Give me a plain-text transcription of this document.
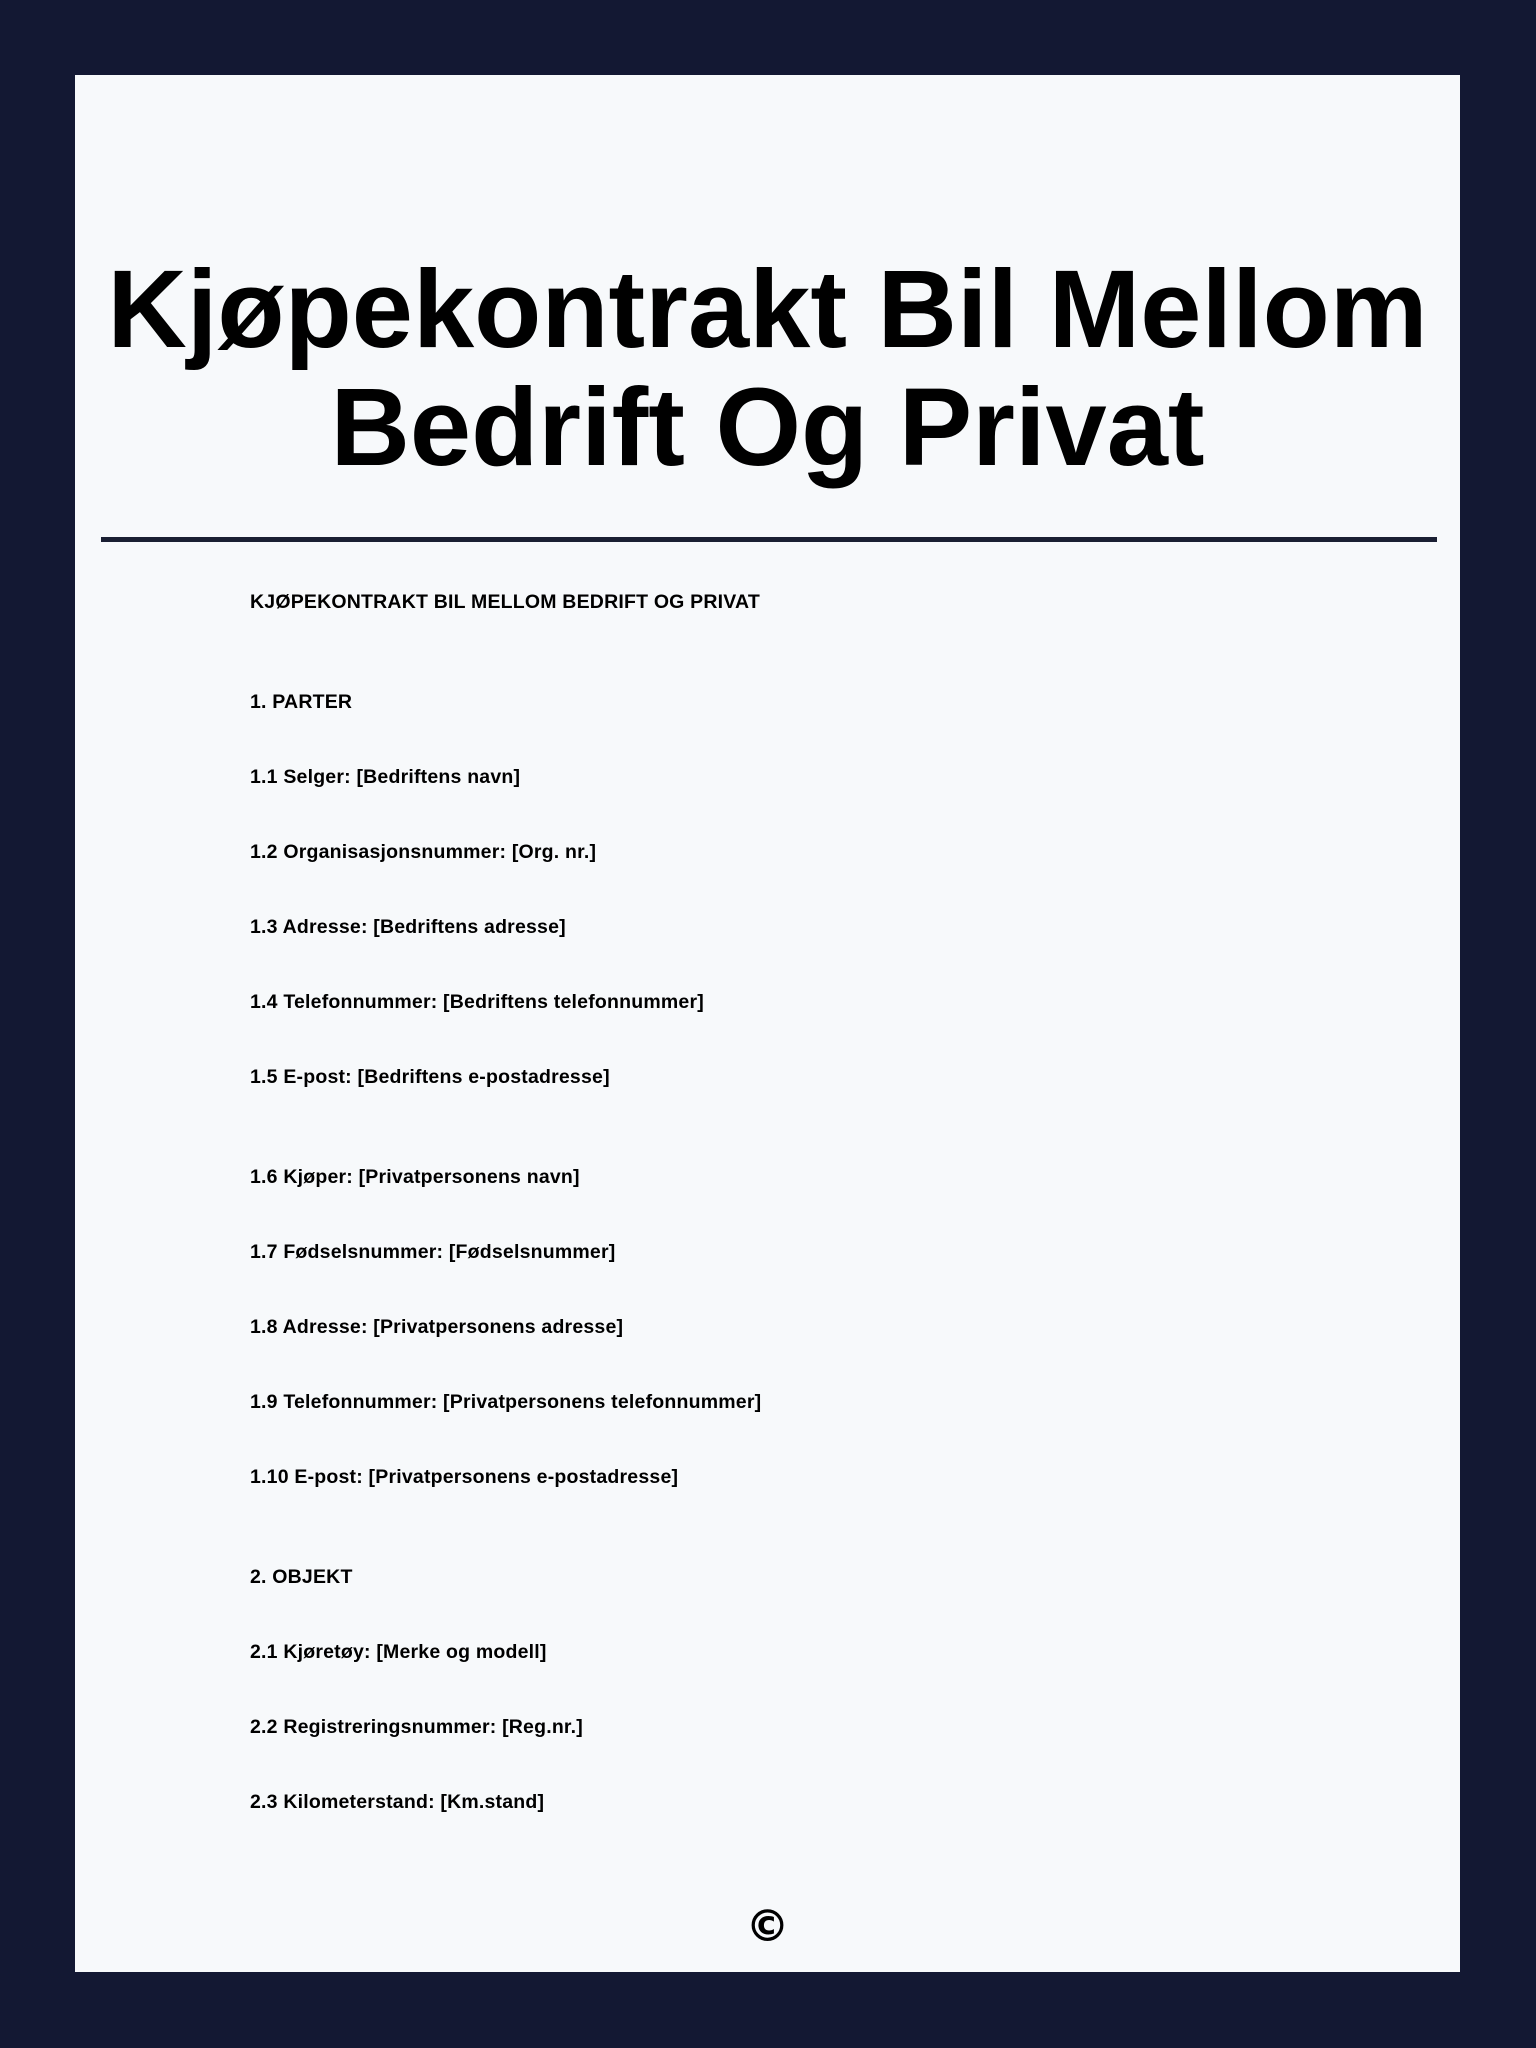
Kjøpekontrakt Bil Mellom Bedrift Og Privat

KJØPEKONTRAKT BIL MELLOM BEDRIFT OG PRIVAT

1. PARTER

1.1 Selger: [Bedriftens navn]

1.2 Organisasjonsnummer: [Org. nr.]

1.3 Adresse: [Bedriftens adresse]

1.4 Telefonnummer: [Bedriftens telefonnummer]

1.5 E-post: [Bedriftens e-postadresse]

1.6 Kjøper: [Privatpersonens navn]

1.7 Fødselsnummer: [Fødselsnummer]

1.8 Adresse: [Privatpersonens adresse]

1.9 Telefonnummer: [Privatpersonens telefonnummer]

1.10 E-post: [Privatpersonens e-postadresse]

2. OBJEKT

2.1 Kjøretøy: [Merke og modell]

2.2 Registreringsnummer: [Reg.nr.]

2.3 Kilometerstand: [Km.stand]

©
